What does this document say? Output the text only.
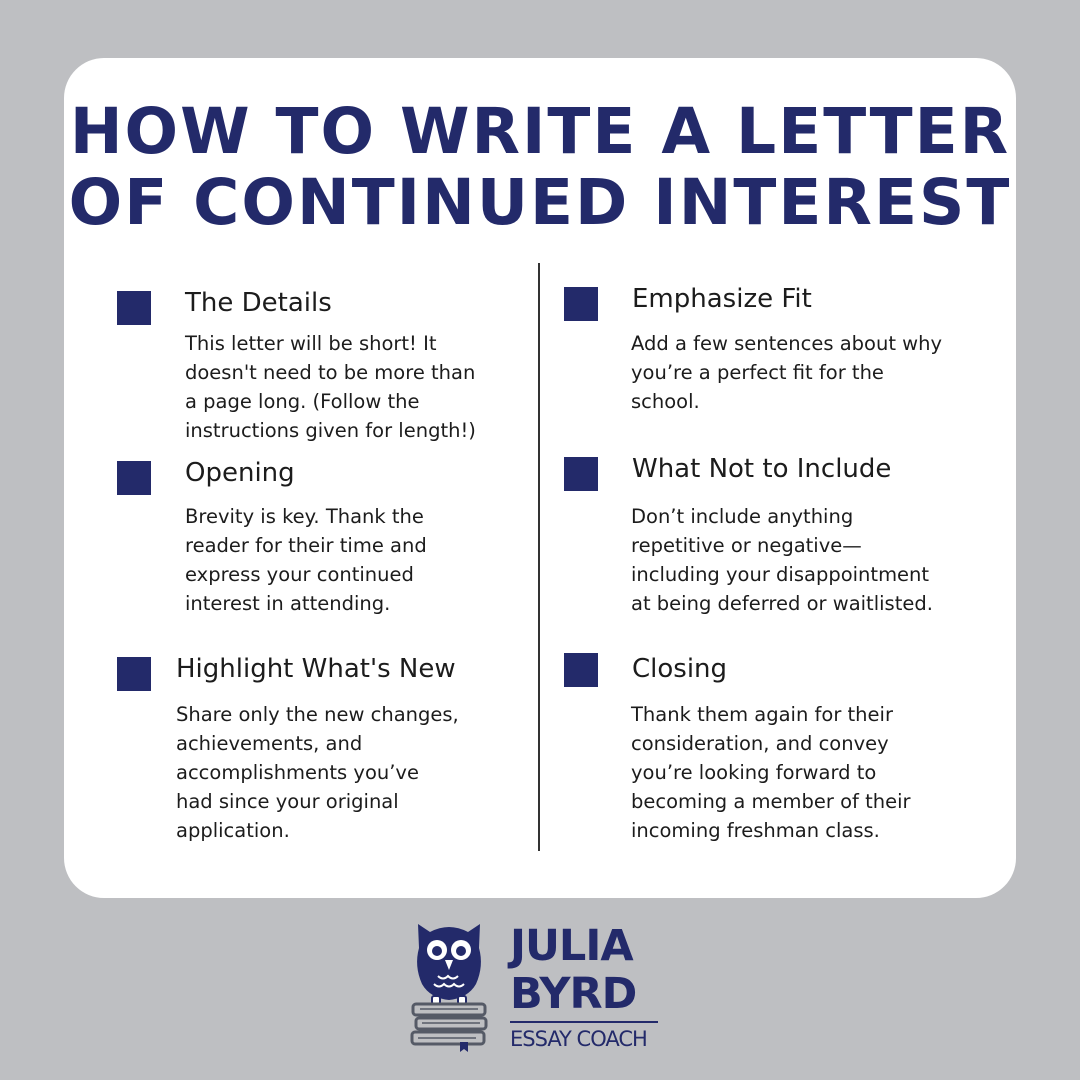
HOW TO WRITE A LETTER
OF CONTINUED INTEREST
The Details

This letter will be short! It
doesn't need to be more than
a page long. (Follow the
instructions given for length!)

Opening

Brevity is key. Thank the
reader for their time and
express your continued
interest in attending.

Highlight What's New

Share only the new changes,
achievements, and
accomplishments you’ve
had since your original
application.

Emphasize Fit

Add a few sentences about why
you’re a perfect fit for the
school.

What Not to Include

Don’t include anything
repetitive or negative—
including your disappointment
at being deferred or waitlisted.

Closing

Thank them again for their
consideration, and convey
you’re looking forward to
becoming a member of their
incoming freshman class.

JULIA
BYRD
ESSAY COACH
